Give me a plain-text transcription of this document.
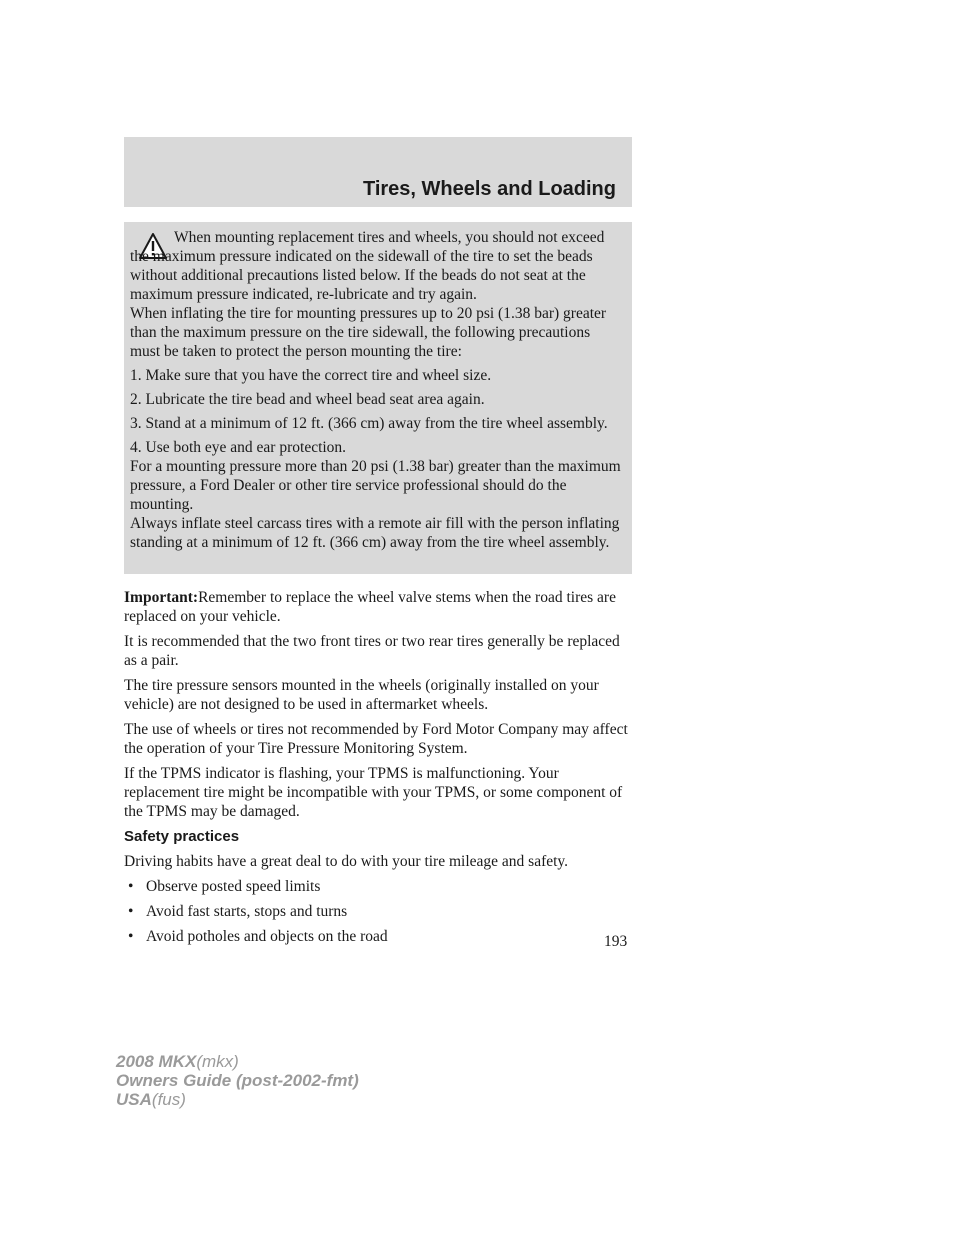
Tires, Wheels and Loading

When mounting replacement tires and wheels, you should not exceed the maximum pressure indicated on the sidewall of the tire to set the beads without additional precautions listed below. If the beads do not seat at the maximum pressure indicated, re-lubricate and try again.

When inflating the tire for mounting pressures up to 20 psi (1.38 bar) greater than the maximum pressure on the tire sidewall, the following precautions must be taken to protect the person mounting the tire:

1. Make sure that you have the correct tire and wheel size.

2. Lubricate the tire bead and wheel bead seat area again.

3. Stand at a minimum of 12 ft. (366 cm) away from the tire wheel assembly.

4. Use both eye and ear protection.

For a mounting pressure more than 20 psi (1.38 bar) greater than the maximum pressure, a Ford Dealer or other tire service professional should do the mounting.

Always inflate steel carcass tires with a remote air fill with the person inflating standing at a minimum of 12 ft. (366 cm) away from the tire wheel assembly.

Important:Remember to replace the wheel valve stems when the road tires are replaced on your vehicle.

It is recommended that the two front tires or two rear tires generally be replaced as a pair.

The tire pressure sensors mounted in the wheels (originally installed on your vehicle) are not designed to be used in aftermarket wheels.

The use of wheels or tires not recommended by Ford Motor Company may affect the operation of your Tire Pressure Monitoring System.

If the TPMS indicator is flashing, your TPMS is malfunctioning. Your replacement tire might be incompatible with your TPMS, or some component of the TPMS may be damaged.

Safety practices

Driving habits have a great deal to do with your tire mileage and safety.

• Observe posted speed limits
• Avoid fast starts, stops and turns
• Avoid potholes and objects on the road	193
2008 MKX(mkx)
Owners Guide (post-2002-fmt)
USA(fus)
